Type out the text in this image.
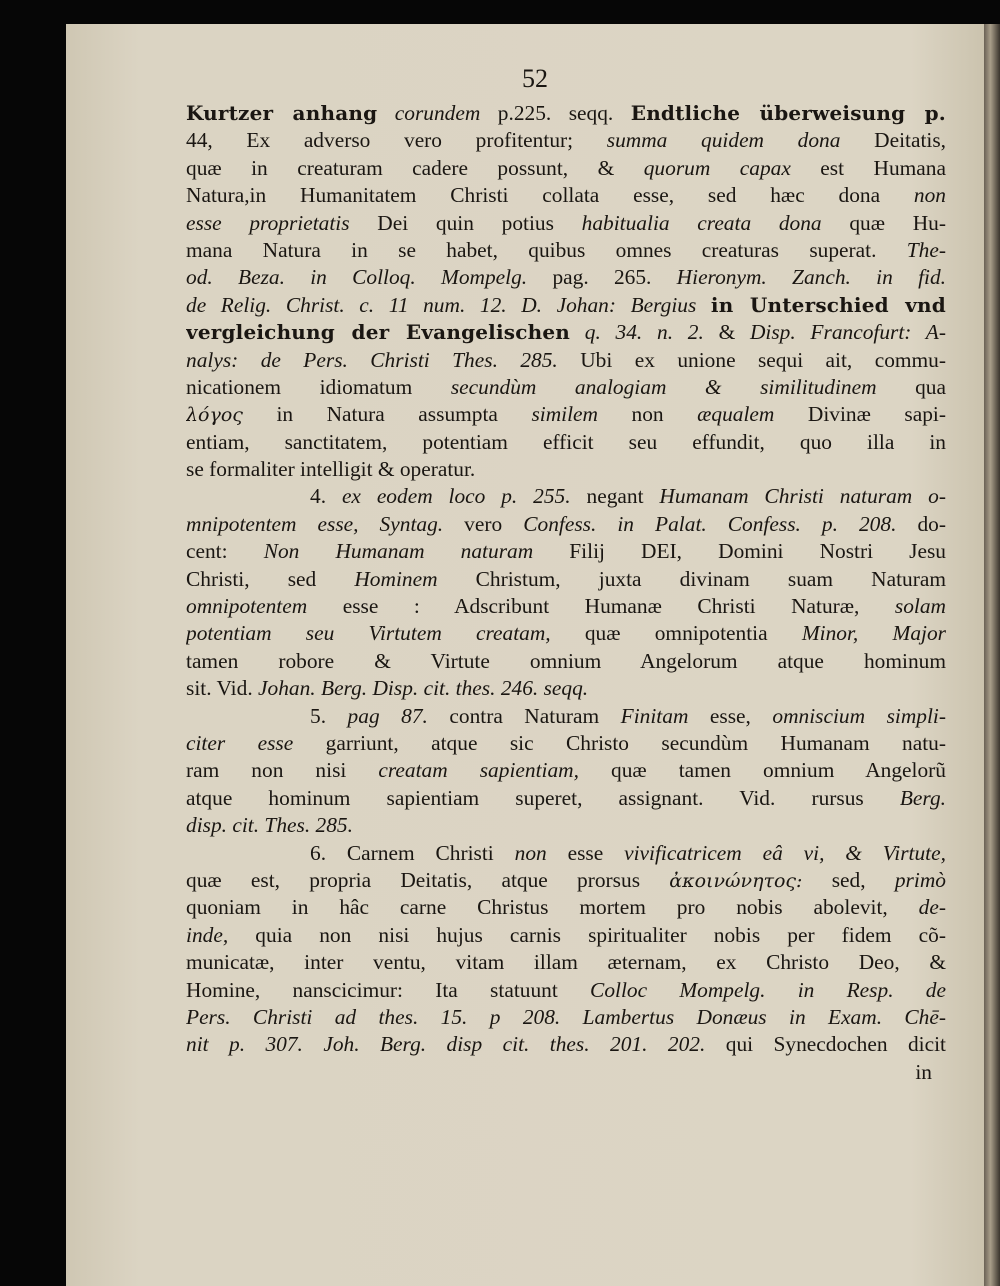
52
Kurtzer anhang corundem p.225. seqq. Endtliche überweisung p.
44, Ex adverso vero profitentur; summa quidem dona Deitatis,
quæ in creaturam cadere possunt, & quorum capax est Humana
Natura,in Humanitatem Christi collata esse, sed hæc dona non
esse proprietatis Dei quin potius habitualia creata dona quæ Hu-
mana Natura in se habet, quibus omnes creaturas superat. The-
od. Beza. in Colloq. Mompelg. pag. 265. Hieronym. Zanch. in fid.
de Relig. Christ. c. 11 num. 12. D. Johan: Bergius in Unterschied vnd
vergleichung der Evangelischen q. 34. n. 2. & Disp. Francofurt: A-
nalys: de Pers. Christi Thes. 285. Ubi ex unione sequi ait, commu-
nicationem idiomatum secundùm analogiam & similitudinem qua
λόγος in Natura assumpta similem non æqualem Divinæ sapi-
entiam, sanctitatem, potentiam efficit seu effundit, quo illa in
se formaliter intelligit & operatur.
4. ex eodem loco p. 255. negant Humanam Christi naturam o-
mnipotentem esse, Syntag. vero Confess. in Palat. Confess. p. 208. do-
cent: Non Humanam naturam Filij DEI, Domini Nostri Jesu
Christi, sed Hominem Christum, juxta divinam suam Naturam
omnipotentem esse : Adscribunt Humanæ Christi Naturæ, solam
potentiam seu Virtutem creatam, quæ omnipotentia Minor, Major
tamen robore & Virtute omnium Angelorum atque hominum
sit. Vid. Johan. Berg. Disp. cit. thes. 246. seqq.
5. pag 87. contra Naturam Finitam esse, omniscium simpli-
citer esse garriunt, atque sic Christo secundùm Humanam natu-
ram non nisi creatam sapientiam, quæ tamen omnium Angelorũ
atque hominum sapientiam superet, assignant. Vid. rursus Berg.
disp. cit. Thes. 285.
6. Carnem Christi non esse vivificatricem eâ vi, & Virtute,
quæ est, propria Deitatis, atque prorsus ἀκοινώνητος: sed, primò
quoniam in hâc carne Christus mortem pro nobis abolevit, de-
inde, quia non nisi hujus carnis spiritualiter nobis per fidem cõ-
municatæ, inter ventu, vitam illam æternam, ex Christo Deo, &
Homine, nanscicimur: Ita statuunt Colloc Mompelg. in Resp. de
Pers. Christi ad thes. 15. p 208. Lambertus Donæus in Exam. Chē-
nit p. 307. Joh. Berg. disp cit. thes. 201. 202. qui Synecdochen dicit
in
